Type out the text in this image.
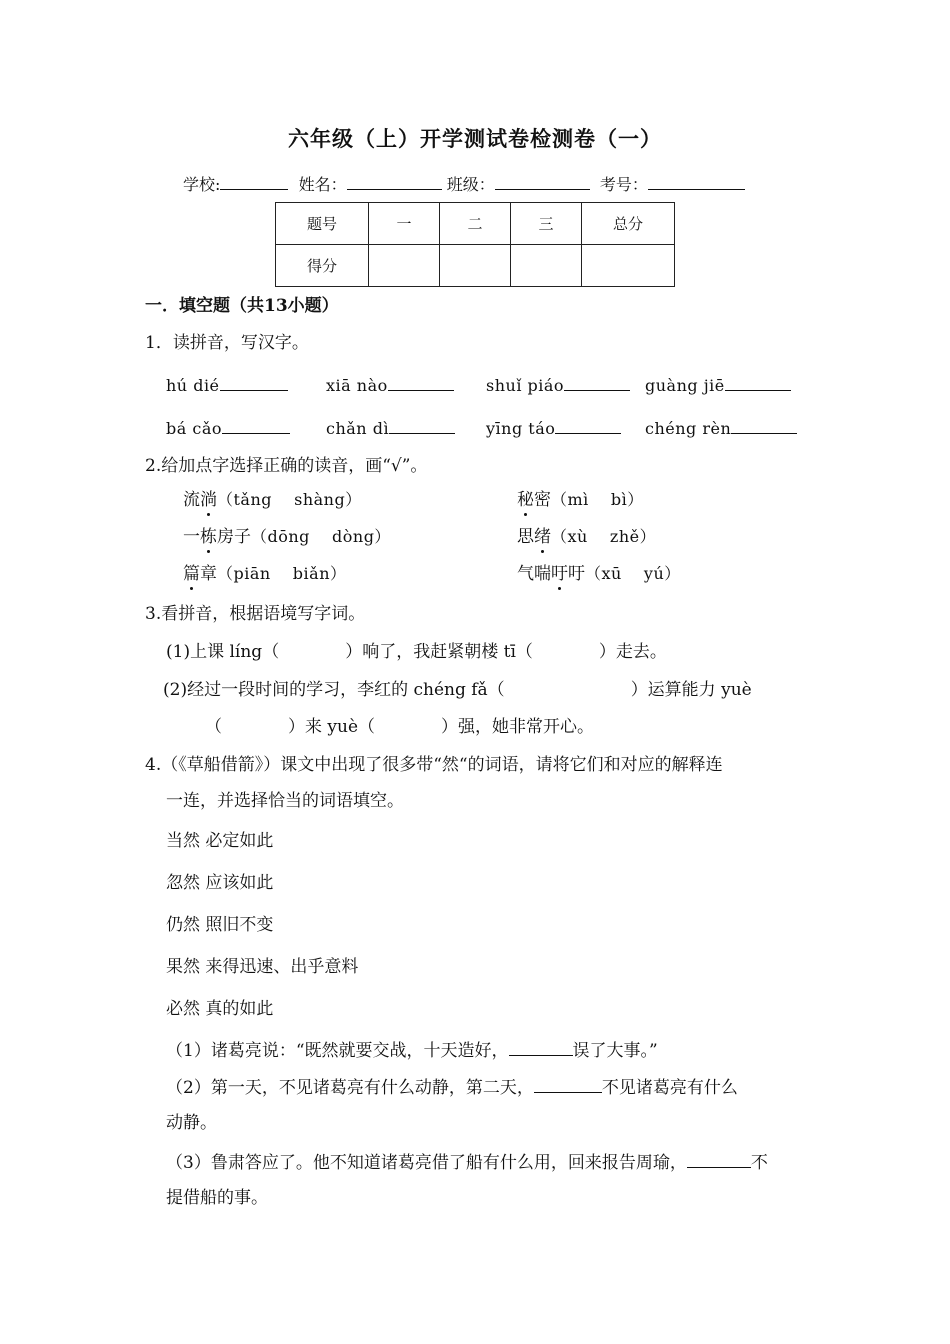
六年级（上）开学测试卷检测卷（一）
学校:	姓名：	班级：	考号：
题号	一	二	三	总分
得分				
一．填空题（共13小题）
1．读拼音，写汉字。
hú dié	xiā nào	shuǐ piáo	guàng jiē
bá cǎo	chǎn dì	yīng táo	chéng rèn
2.给加点字选择正确的读音，画“√”。
流淌（tǎng　 shàng）	秘密（mì　 bì）
一栋房子（dōng　 dòng）	思绪（xù　 zhě）
篇章（piān　 biǎn）	气喘吁吁（xū　 yú）
3.看拼音，根据语境写字词。
(1)上课 líng（	）响了，我赶紧朝楼 tī（	）走去。
(2)经过一段时间的学习，李红的 chéng fǎ（	）运算能力 yuè
（	）来 yuè（	）强，她非常开心。
4.（《草船借箭》）课文中出现了很多带“然“的词语，请将它们和对应的解释连
一连，并选择恰当的词语填空。
当然 必定如此
忽然 应该如此
仍然 照旧不变
果然 来得迅速、出乎意料
必然 真的如此
（1）诸葛亮说：“既然就要交战，十天造好，	误了大事。”
（2）第一天，不见诸葛亮有什么动静，第二天，	不见诸葛亮有什么
动静。
（3）鲁肃答应了。他不知道诸葛亮借了船有什么用，回来报告周瑜，	不
提借船的事。
